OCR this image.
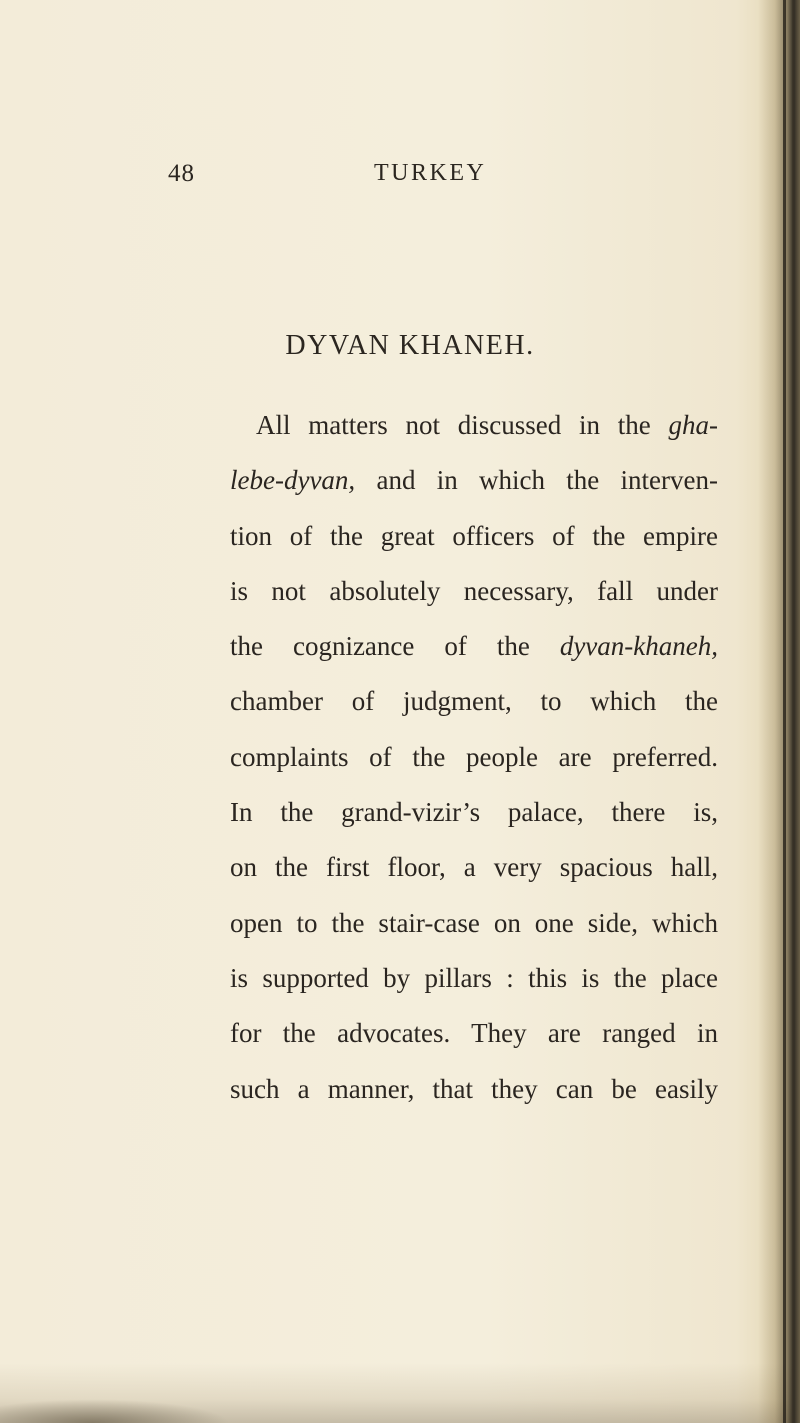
48	TURKEY
DYVAN KHANEH.
All matters not discussed in the gha-
lebe-dyvan, and in which the interven-
tion of the great officers of the empire
is not absolutely necessary, fall under
the cognizance of the dyvan-khaneh,
chamber of judgment, to which the
complaints of the people are preferred.
In the grand-vizir’s palace, there is,
on the first floor, a very spacious hall,
open to the stair-case on one side, which
is supported by pillars : this is the place
for the advocates. They are ranged in
such a manner, that they can be easily
